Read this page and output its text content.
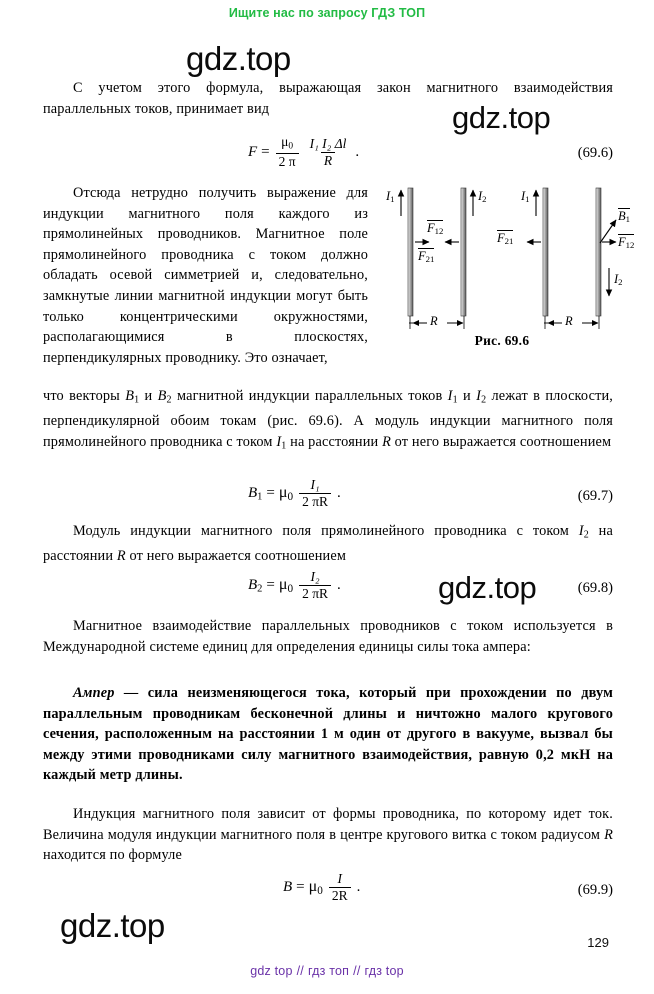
Ищите нас по запросу ГДЗ ТОП
gdz.top
gdz.top
gdz.top
gdz.top

С учетом этого формула, выражающая закон магнитного взаимодействия параллельных токов, принимает вид

$F = \frac{\mu_0}{2 \pi} \frac{\text{I₁ I₂ Δl}}{R}$ .	(69.6)
Отсюда нетрудно получить выражение для индукции магнитного поля каждого из прямолинейных проводников. Магнитное поле прямолинейного проводника с током должно обладать осевой симметрией и, следовательно, замкнутые линии магнитной индукции могут быть только концентрическими окружностями, располагающимися в плоскостях, перпендикулярных проводнику. Это означает,
$I_1$	$I_2$
$F_{12}$
$F_{21}$
R
$I_1$
$I_2$
$F_{21}$	$F_{12}$
$B_1$
R
Рис. 69.6

что векторы $B_1$ и $B_2$ магнитной индукции параллельных токов $I_1$ и $I_2$ лежат в плоскости, перпендикулярной обоим токам (рис. 69.6). А модуль индукции магнитного поля прямолинейного проводника с током $I_1$ на расстоянии R от него выражается соотношением

$B_1 = \mu_0 \frac{\text{I₁}}{2 \pi R}$ .	(69.7)

Модуль индукции магнитного поля прямолинейного проводника с током $I_2$ на расстоянии R от него выражается соотношением

$B_2 = \mu_0 \frac{\text{I₂}}{2 \pi R}$ .	(69.8)

Магнитное взаимодействие параллельных проводников с током используется в Международной системе единиц для определения единицы силы тока ампера:

Ампер — сила неизменяющегося тока, который при прохождении по двум параллельным проводникам бесконечной длины и ничтожно малого кругового сечения, расположенным на расстоянии 1 м один от другого в вакууме, вызвал бы между этими проводниками силу магнитного взаимодействия, равную 0,2 мкН на каждый метр длины.

Индукция магнитного поля зависит от формы проводника, по которому идет ток. Величина модуля индукции магнитного поля в центре кругового витка с током радиусом R находится по формуле

$B = \mu_0 \frac{I}{2R}$ .	(69.9)
129
gdz top // гдз топ // гдз top
